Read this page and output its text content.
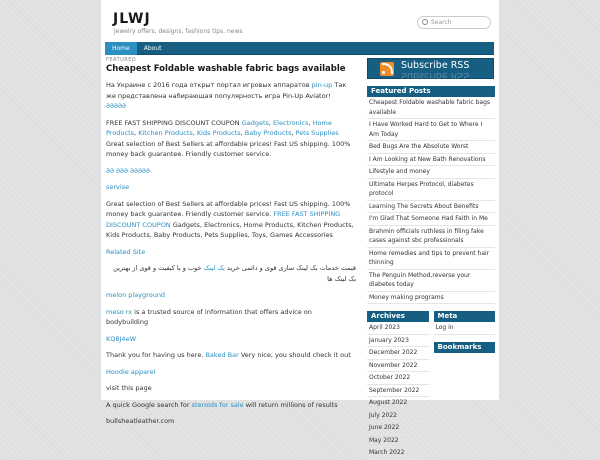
JLWJ
jewelry offers, designs, fashions tips, news
Search
Home	About
FEATURED
Cheapest Foldable washable fabric bags available
На Украине с 2016 года открыт портал игровых аппаратов pin-up Так же представлена набирающая популярность игра Pin-Up Aviator!
𐐀𐐀𐐀𐐀𐐀
FREE FAST SHIPPING DISCOUNT COUPON Gadgets, Electronics, Home Products, Kitchen Products, Kids Products, Baby Products, Pets Supplies Great selection of Best Sellers at affordable prices! Fast US shipping. 100% money back guarantee. Friendly customer service.
𐐀𐐀 𐐀𐐀𐐀 𐐀𐐀𐐀𐐀𐐀
servise
Great selection of Best Sellers at affordable prices! Fast US shipping. 100% money back guarantee. Friendly customer service. FREE FAST SHIPPING DISCOUNT COUPON Gadgets, Electronics, Home Products, Kitchen Products, Kids Products, Baby Products, Pets Supplies, Toys, Games Accessories
Related Site
قیمت خدمات بک لینک سازی قوی و دائمی خرید بک لینک خوب و با کیفیت و قوی از بهترین بک لینک ها
melon playground
meso rx is a trusted source of information that offers advice on bodybuilding
KQ8J4eW
Thank you for having us here. Baked Bar Very nice, you should check it out
Hoodie apparel
visit this page
A quick Google search for steroids for sale will return millions of results
bullsheatleather.com
Subscribe RSS
Subscribe RSS
Featured Posts
Cheapest Foldable washable fabric bags available
I Have Worked Hard to Get to Where I Am Today
Bed Bugs Are the Absolute Worst
I Am Looking at New Bath Renovations
Lifestyle and money
Ultimate Herpes Protocol, diabetes protocol
Learning The Secrets About Benefits
I'm Glad That Someone Had Faith in Me
Brahmin officials ruthless in filing fake cases against sbc professionals
Home remedies and tips to prevent hair thinning
The Penguin Method,reverse your diabetes today
Money making programs
Archives
April 2023
January 2023
December 2022
November 2022
October 2022
September 2022
August 2022
July 2022
June 2022
May 2022
March 2022
Meta
Log in
Bookmarks
